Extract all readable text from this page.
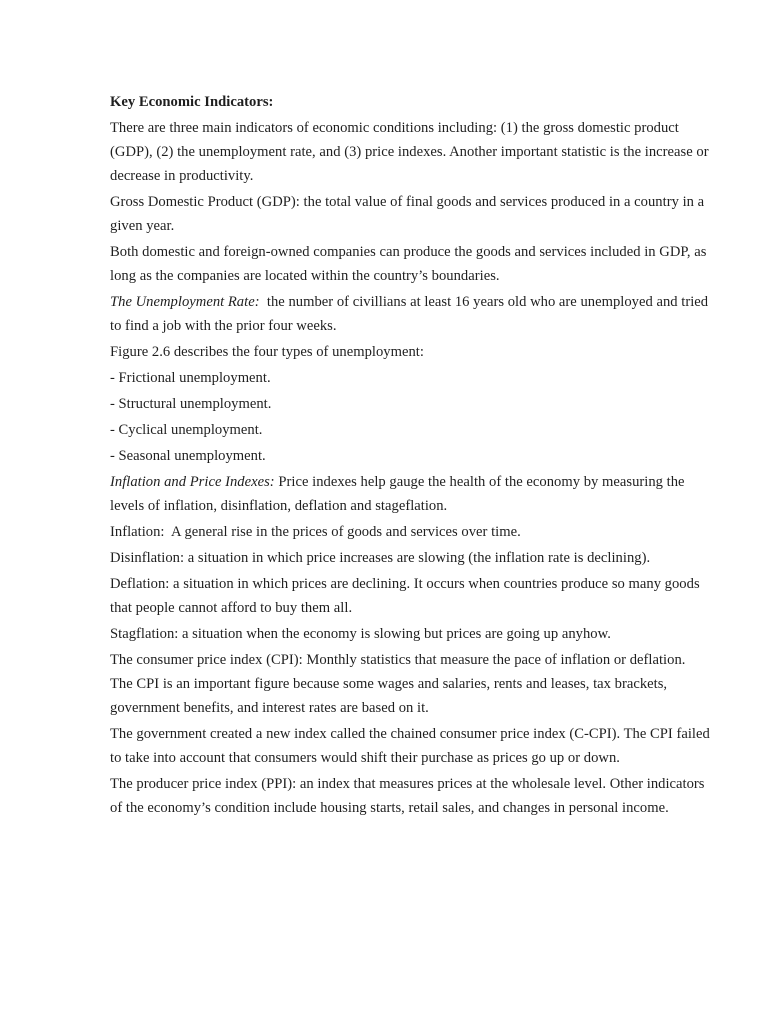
Key Economic Indicators:

There are three main indicators of economic conditions including: (1) the gross domestic product (GDP), (2) the unemployment rate, and (3) price indexes. Another important statistic is the increase or decrease in productivity.

Gross Domestic Product (GDP): the total value of final goods and services produced in a country in a given year.

Both domestic and foreign-owned companies can produce the goods and services included in GDP, as long as the companies are located within the country’s boundaries.

The Unemployment Rate:  the number of civillians at least 16 years old who are unemployed and tried to find a job with the prior four weeks.

Figure 2.6 describes the four types of unemployment:

- Frictional unemployment.

- Structural unemployment.

- Cyclical unemployment.

- Seasonal unemployment.

Inflation and Price Indexes: Price indexes help gauge the health of the economy by measuring the levels of inflation, disinflation, deflation and stageflation.

Inflation:  A general rise in the prices of goods and services over time.

Disinflation: a situation in which price increases are slowing (the inflation rate is declining).

Deflation: a situation in which prices are declining. It occurs when countries produce so many goods that people cannot afford to buy them all.

Stagflation: a situation when the economy is slowing but prices are going up anyhow.

The consumer price index (CPI): Monthly statistics that measure the pace of inflation or deflation. The CPI is an important figure because some wages and salaries, rents and leases, tax brackets, government benefits, and interest rates are based on it.

The government created a new index called the chained consumer price index (C-CPI). The CPI failed to take into account that consumers would shift their purchase as prices go up or down.

The producer price index (PPI): an index that measures prices at the wholesale level. Other indicators of the economy’s condition include housing starts, retail sales, and changes in personal income.
